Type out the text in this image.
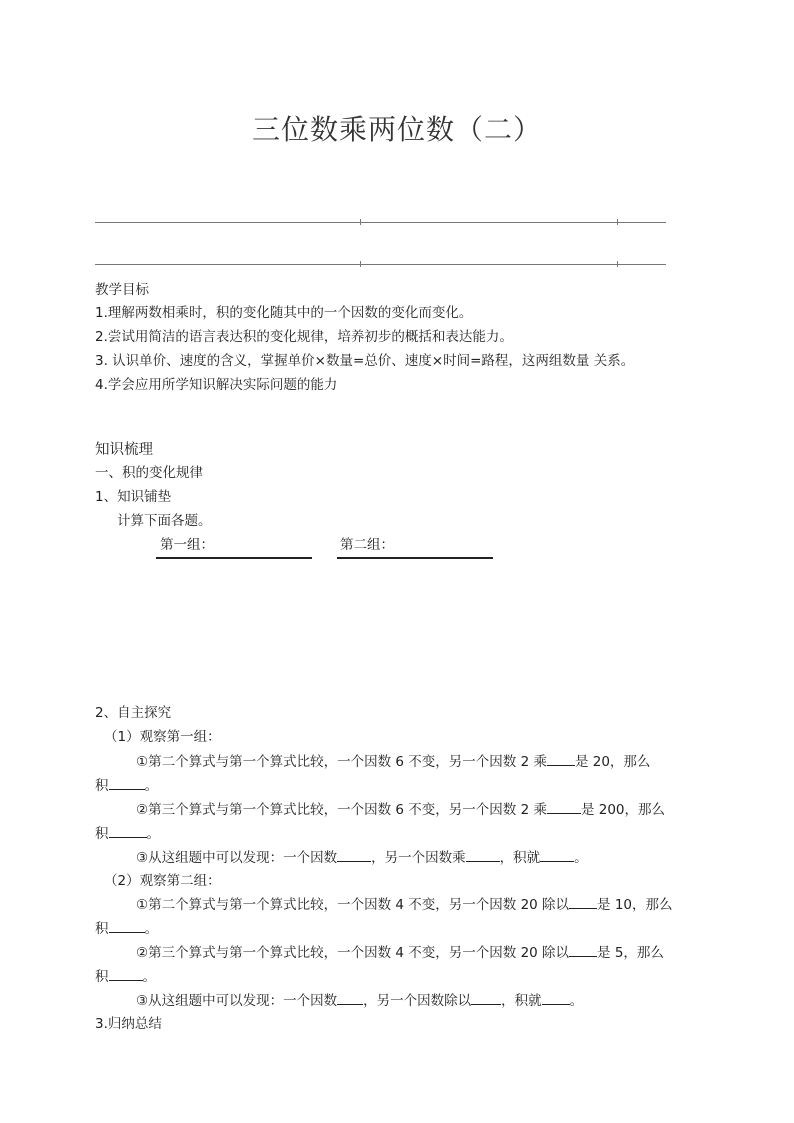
三位数乘两位数（二）
教学目标
1.理解两数相乘时，积的变化随其中的一个因数的变化而变化。
2.尝试用简洁的语言表达积的变化规律，培养初步的概括和表达能力。
3. 认识单价、速度的含义，掌握单价×数量=总价、速度×时间=路程，这两组数量 关系。
4.学会应用所学知识解决实际问题的能力
知识梳理
一、积的变化规律
1、知识铺垫
计算下面各题。
第一组：	第二组：
2、自主探究
（1）观察第一组：
①第二个算式与第一个算式比较，一个因数 6 不变，另一个因数 2 乘 是 20，那么
积	。
②第三个算式与第一个算式比较，一个因数 6 不变，另一个因数 2 乘	是 200，那么
积	。
③从这组题中可以发现：一个因数	，另一个因数乘	，积就	。
（2）观察第二组：
①第二个算式与第一个算式比较，一个因数 4 不变，另一个因数 20 除以 是 10，那么
积	。
②第三个算式与第一个算式比较，一个因数 4 不变，另一个因数 20 除以 是 5，那么
积	。
③从这组题中可以发现：一个因数 ，另一个因数除以 ，积就 。
3.归纳总结
